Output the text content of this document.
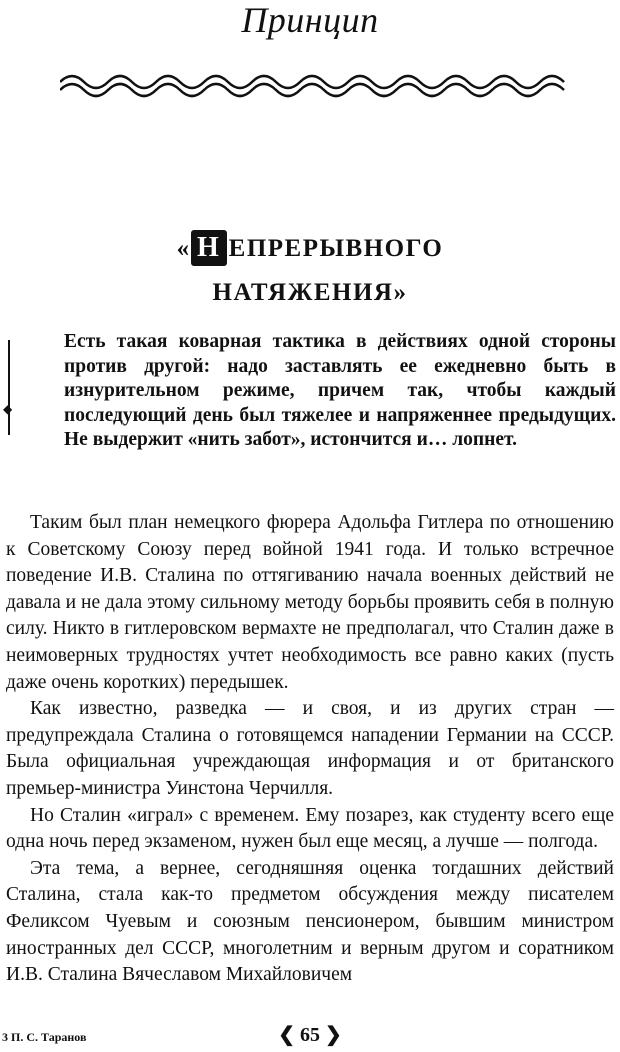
Принцип
« Н ЕПРЕРЫВНОГО
НАТЯЖЕНИЯ»
◆

Есть такая коварная тактика в действиях одной стороны против другой: надо заставлять ее ежедневно быть в изнурительном режиме, причем так, чтобы каждый последующий день был тяжелее и напряженнее предыдущих. Не выдержит «нить забот», истончится и… лопнет.

Таким был план немецкого фюрера Адольфа Гитлера по отношению к Советскому Союзу перед войной 1941 года. И только встречное поведение И.В. Сталина по оттягиванию начала военных действий не давала и не дала этому сильному методу борьбы проявить себя в полную силу. Никто в гитлеровском вермахте не предполагал, что Сталин даже в неимоверных трудностях учтет необходимость все равно каких (пусть даже очень коротких) передышек.

Как известно, разведка — и своя, и из других стран — предупреждала Сталина о готовящемся нападении Германии на СССР. Была официальная учреждающая информация и от британского премьер-министра Уинстона Черчилля.

Но Сталин «играл» с временем. Ему позарез, как студенту всего еще одна ночь перед экзаменом, нужен был еще месяц, а лучше — полгода.

Эта тема, а вернее, сегодняшняя оценка тогдашних действий Сталина, стала как-то предметом обсуждения между писателем Феликсом Чуевым и союзным пенсионером, бывшим министром иностранных дел СССР, многолетним и верным другом и соратником И.В. Сталина Вячеславом Михайловичем

3 П. С. Таранов	❮ 65 ❯
